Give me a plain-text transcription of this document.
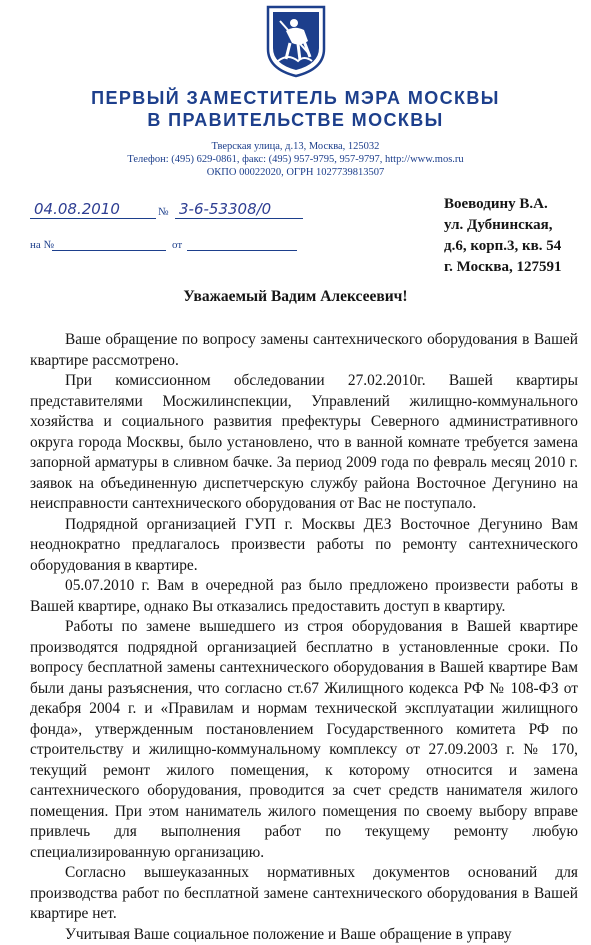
ПЕРВЫЙ ЗАМЕСТИТЕЛЬ МЭРА МОСКВЫ
В ПРАВИТЕЛЬСТВЕ МОСКВЫ
Тверская улица, д.13, Москва, 125032
Телефон: (495) 629-0861, факс: (495) 957-9795, 957-9797, http://www.mos.ru
ОКПО 00022020, ОГРН 1027739813507
04.08.2010	№ 3-6-53308/0
на №	от
Воеводину В.А.
ул. Дубнинская,
д.6, корп.3, кв. 54
г. Москва, 127591
Уважаемый Вадим Алексеевич!

Ваше обращение по вопросу замены сантехнического оборудования в Вашей квартире рассмотрено.

При комиссионном обследовании 27.02.2010г. Вашей квартиры представителями Мосжилинспекции, Управлений жилищно-коммунального хозяйства и социального развития префектуры Северного административного округа города Москвы, было установлено, что в ванной комнате требуется замена запорной арматуры в сливном бачке. За период 2009 года по февраль месяц 2010 г. заявок на объединенную диспетчерскую службу района Восточное Дегунино на неисправности сантехнического оборудования от Вас не поступало.

Подрядной организацией ГУП г. Москвы ДЕЗ Восточное Дегунино Вам неоднократно предлагалось произвести работы по ремонту сантехнического оборудования в квартире.

05.07.2010 г. Вам в очередной раз было предложено произвести работы в Вашей квартире, однако Вы отказались предоставить доступ в квартиру.

Работы по замене вышедшего из строя оборудования в Вашей квартире производятся подрядной организацией бесплатно в установленные сроки. По вопросу бесплатной замены сантехнического оборудования в Вашей квартире Вам были даны разъяснения, что согласно ст.67 Жилищного кодекса РФ № 108-ФЗ от декабря 2004 г. и «Правилам и нормам технической эксплуатации жилищного фонда», утвержденным постановлением Государственного комитета РФ по строительству и жилищно-коммунальному комплексу от 27.09.2003 г. № 170, текущий ремонт жилого помещения, к которому относится и замена сантехнического оборудования, проводится за счет средств нанимателя жилого помещения. При этом наниматель жилого помещения по своему выбору вправе привлечь для выполнения работ по текущему ремонту любую специализированную организацию.

Согласно вышеуказанных нормативных документов оснований для производства работ по бесплатной замене сантехнического оборудования в Вашей квартире нет.

Учитывая Ваше социальное положение и Ваше обращение в управу
